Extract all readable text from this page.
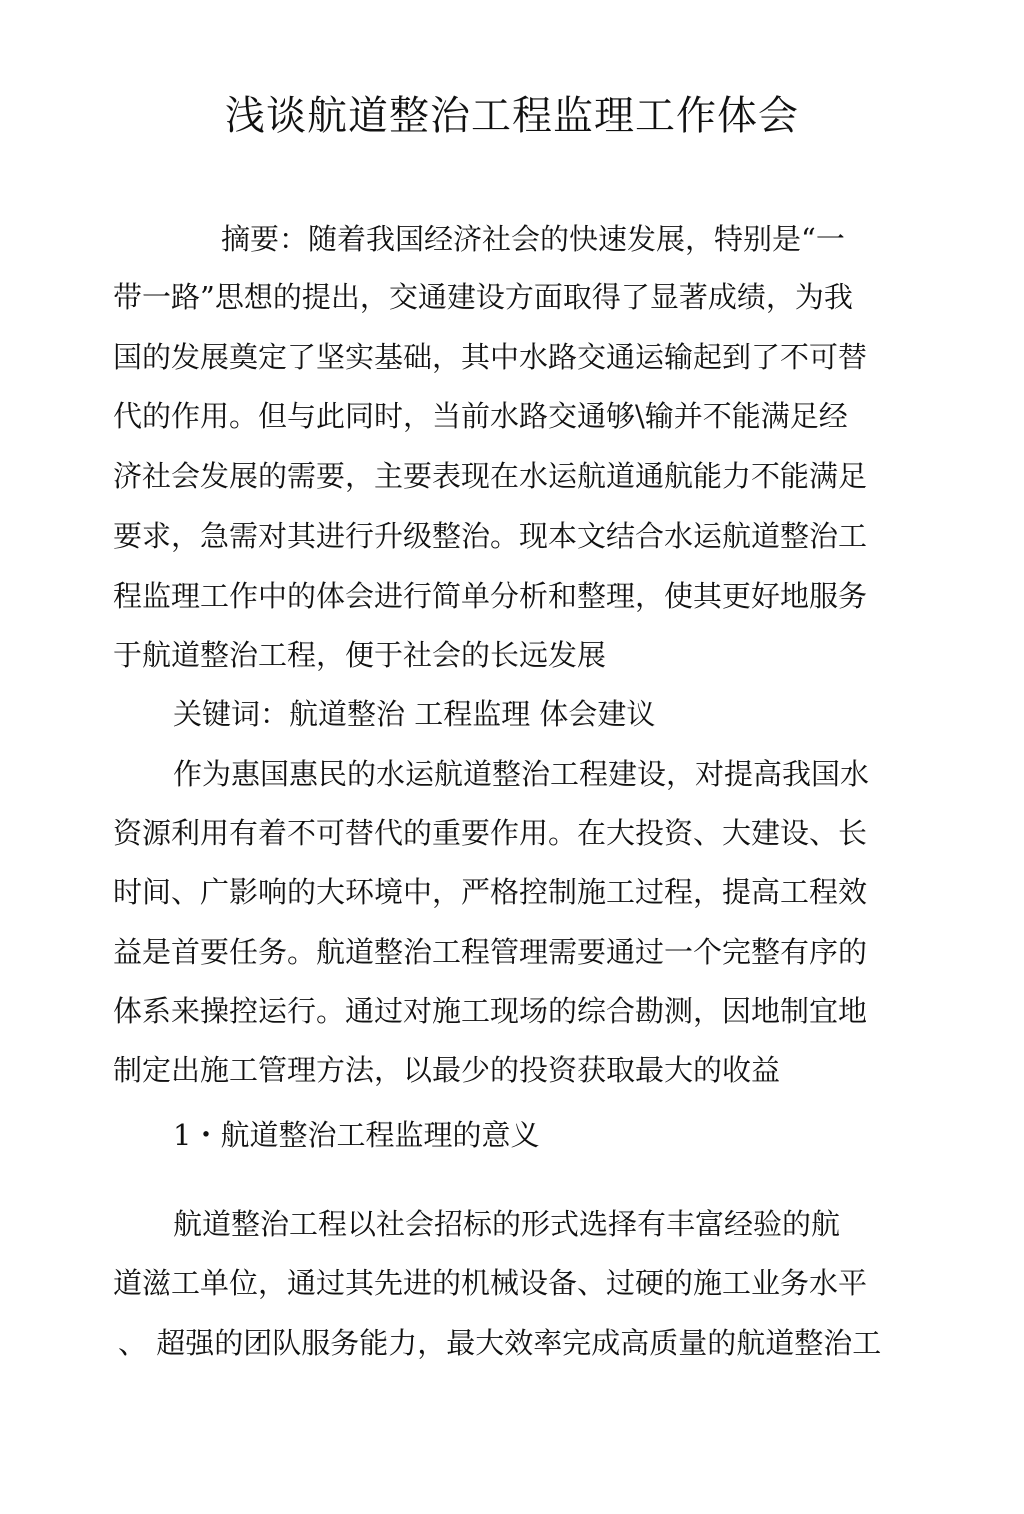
浅谈航道整治工程监理工作体会
摘要：随着我国经济社会的快速发展，特别是“一
带一路”思想的提出，交通建设方面取得了显著成绩，为我
国的发展奠定了坚实基础，其中水路交通运输起到了不可替
代的作用。但与此同时，当前水路交通够\输并不能满足经
济社会发展的需要，主要表现在水运航道通航能力不能满足
要求，急需对其进行升级整治。现本文结合水运航道整治工
程监理工作中的体会进行简单分析和整理，使其更好地服务
于航道整治工程，便于社会的长远发展
关键词：航道整治 工程监理 体会建议
作为惠国惠民的水运航道整治工程建设，对提高我国水
资源利用有着不可替代的重要作用。在大投资、大建设、长
时间、广影响的大环境中，严格控制施工过程，提高工程效
益是首要任务。航道整治工程管理需要通过一个完整有序的
体系来操控运行。通过对施工现场的综合勘测，因地制宜地
制定出施工管理方法，以最少的投资获取最大的收益
1・航道整治工程监理的意义
航道整治工程以社会招标的形式选择有丰富经验的航
道滋工单位，通过其先进的机械设备、过硬的施工业务水平
、 超强的团队服务能力，最大效率完成高质量的航道整治工
